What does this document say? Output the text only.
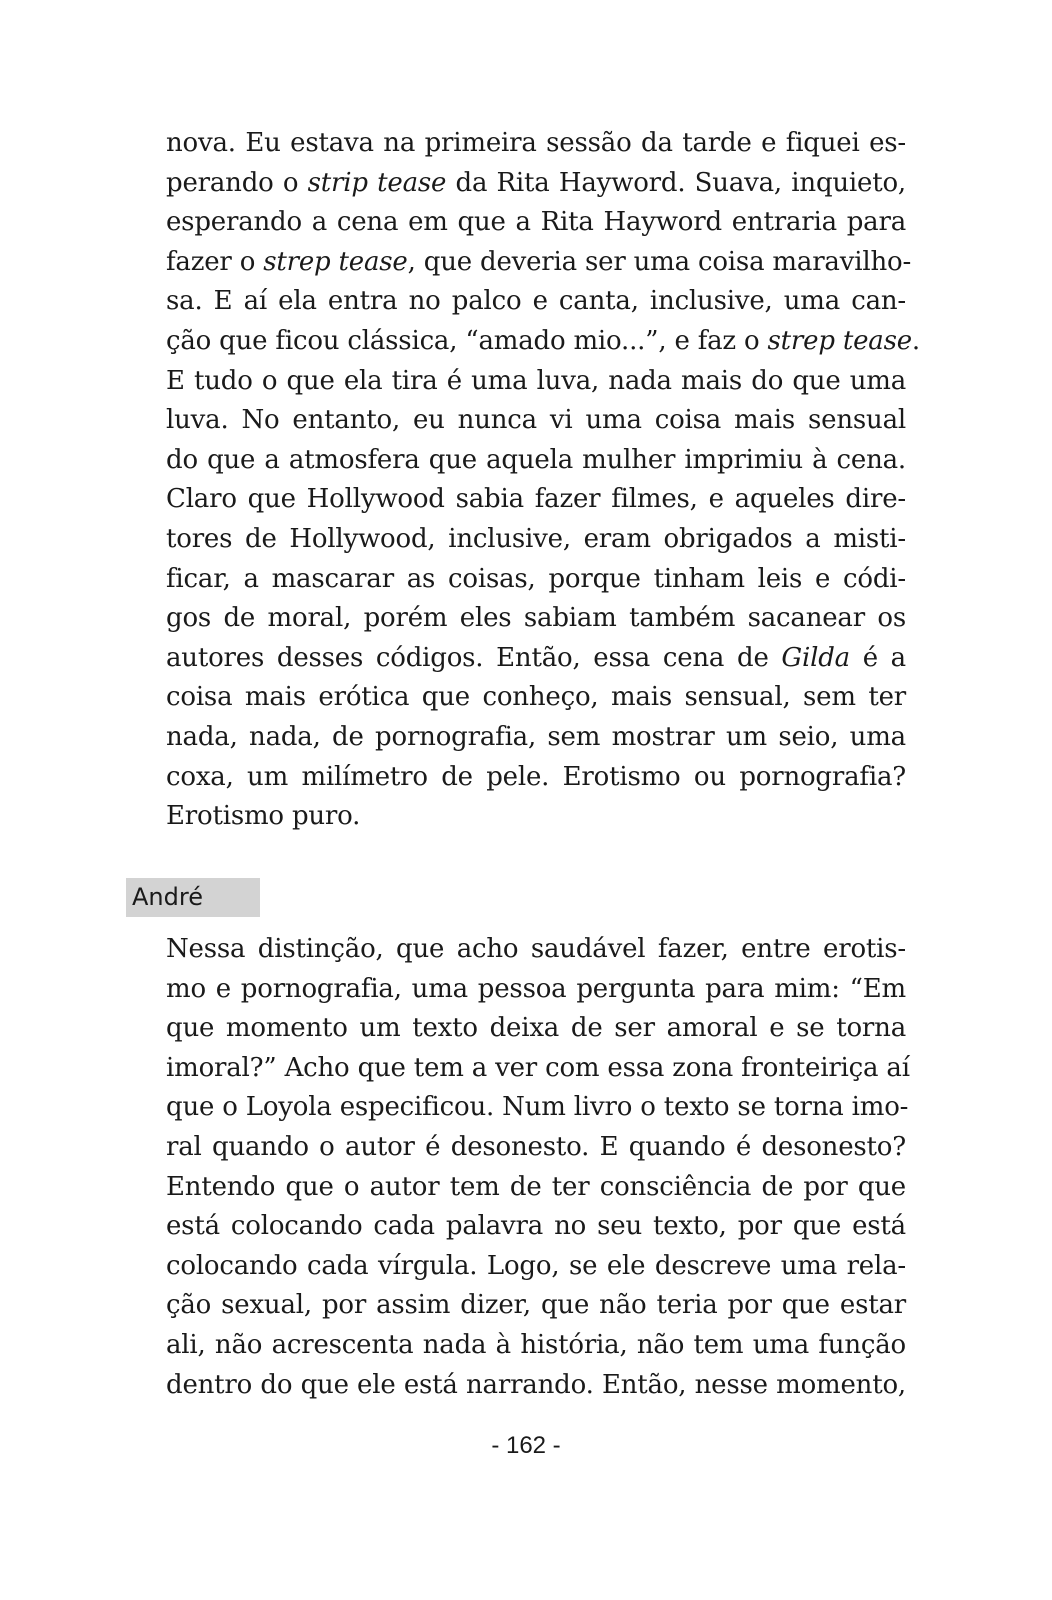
nova. Eu estava na primeira sessão da tarde e fiquei es-
perando o strip tease da Rita Hayword. Suava, inquieto,
esperando a cena em que a Rita Hayword entraria para
fazer o strep tease, que deveria ser uma coisa maravilho-
sa. E aí ela entra no palco e canta, inclusive, uma can-
ção que ficou clássica, “amado mio...”, e faz o strep tease.
E tudo o que ela tira é uma luva, nada mais do que uma
luva. No entanto, eu nunca vi uma coisa mais sensual
do que a atmosfera que aquela mulher imprimiu à cena.
Claro que Hollywood sabia fazer filmes, e aqueles dire-
tores de Hollywood, inclusive, eram obrigados a misti-
ficar, a mascarar as coisas, porque tinham leis e códi-
gos de moral, porém eles sabiam também sacanear os
autores desses códigos. Então, essa cena de Gilda é a
coisa mais erótica que conheço, mais sensual, sem ter
nada, nada, de pornografia, sem mostrar um seio, uma
coxa, um milímetro de pele. Erotismo ou pornografia?
Erotismo puro.
André
Nessa distinção, que acho saudável fazer, entre erotis-
mo e pornografia, uma pessoa pergunta para mim: “Em
que momento um texto deixa de ser amoral e se torna
imoral?” Acho que tem a ver com essa zona fronteiriça aí
que o Loyola especificou. Num livro o texto se torna imo-
ral quando o autor é desonesto. E quando é desonesto?
Entendo que o autor tem de ter consciência de por que
está colocando cada palavra no seu texto, por que está
colocando cada vírgula. Logo, se ele descreve uma rela-
ção sexual, por assim dizer, que não teria por que estar
ali, não acrescenta nada à história, não tem uma função
dentro do que ele está narrando. Então, nesse momento,
- 162 -
